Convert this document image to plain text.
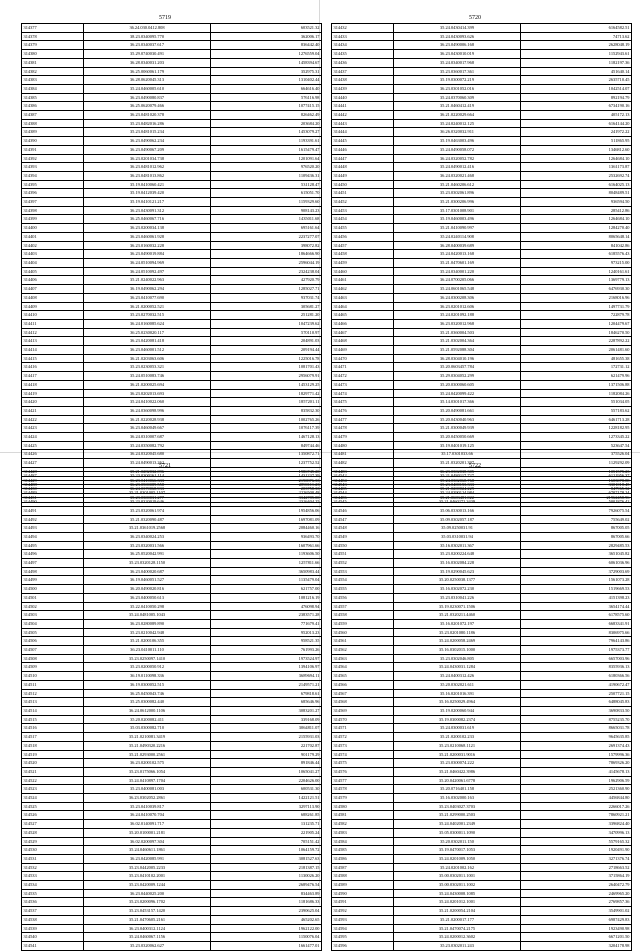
5719
314377	36.24.030.0412.808	603521.32
314378	38.23.0340095.770	362006.17
314379	36.23.0340037.617	836442.40
314380	35.29.0740030.491	1276559.04
314381	36.28.0340031.203	1458394.67
314382	36.25.0060061.179	352975.31
314383	36.28.0620045.313	1310402.44
314384	35.24.0460005.610	664616.40
314385	36.23.0490080.837	576116.98
314386	36.25.0620079.466	1077415.15
314387	36.23.0481020.378	826462.49
314388	35.23.0482016.286	203684.20
314389	35.23.0481015.234	1453079.27
314390	36.23.0490062.234	1193391.61
314391	36.23.0490067.209	1615479.47
314392	36.23.0201034.738	1201091.64
314393	36.23.0481012.962	976520.20
314394	36.23.0481013.862	1109436.31
314395	35.19.0410060.421	531128.47
314396	35.19.0412039.420	615051.70
314397	35.19.0410121.217	1159329.60
314398	36.23.0430091.312	908143.23
314399	36.25.0460067.716	1435011.68
314400	36.23.0200034.138	695161.64
314401	36.23.0460061.928	2237277.07
314402	36.23.0160032.228	398072.82
314403	36.23.0490019.884	1864666.90
314404	36.24.0510094.969	2596044.19
314405	36.24.0510092.497	2324238.04
314406	35.21.0240022.963	427920.79
314407	36.19.0490062.294	1285027.71
314408	36.23.0410077.690	937031.74
314409	36.21.0200052.521	305681.27
314410	35.23.0270032.515	251281.20
314411	36.24.0160085.624	1047239.62
314412	36.25.0230020.117	570110.97
314413	36.23.0420081.418	204891.03
314414	36.23.0460001.512	209194.44
314415	36.21.0203063.606	1225016.78
314416	35.23.0230053.321	1081701.43
314417	35.24.0510083.746	2956079.91
314418	36.21.0200025.694	1453129.25
314419	36.23.0202013.693	1829771.42
314420	35.24.0410022.060	1857201.11
314421	36.24.0360098.996	835832.30
314422	36.21.0220028.938	1002765.26
314423	36.23.0460049.667	1076117.39
314424	36.24.0310007.687	1467128.13
314425	35.24.0350082.792	849744.46
314426	36.24.0320045.680	1350872.71
314427	35.24.0490013.262	1237752.52
314428	35.21.0282032.096	1986745.20
314429	36.23.0410066.333	2190876.33
314430	36.24.0370068.933	203758.33
314431	35.23.0300031.277	3342785.00
5720
314432	35.24.0430414.399	6164582.51
314433	35.24.0430093.626	74713.62
314434	36.23.0490006.168	2628048.19
314435	36.23.0430010.019	1152943.61
314436	35.24.0340017.968	1182197.36
314437	35.23.0360017.361	451640.14
314438	35.19.0300072.219	2635710.45
314439	36.23.0301052.016	1042514.07
314440	35.24.0370060.309	892194.79
314441	35.21.0460412.419	6734190.16
314442	36.21.0220029.664	405172.13
314443	35.24.0240012.125	6164144.20
314444	36.26.0320032.911	241972.22
314445	35.19.0463003.496	511865.95
314446	35.24.0490058.072	1346812.60
314447	36.24.0320052.782	1264684.10
314448	35.24.0490012.416	1361173.87
314449	36.24.0320021.468	2532692.74
314450	35.21.0460206.612	6164025.13
314451	35.23.0302061.896	8048489.51
314452	35.21.0300206.996	936594.50
314453	35.17.0301008.901	285412.86
314454	35.19.0460003.496	1264684.10
314455	35.21.0410090.997	1284270.40
314456	35.24.0240114.908	8065648.14
314457	36.28.0400039.689	841042.86
314458	35.24.0420013.168	6185576.43
314459	35.21.0470601.169	973215.00
314460	35.24.0340001.220	1240161.61
314461	36.24.0700205.066	1369779.13
314462	35.24.0601065.548	6476930.30
314463	36.24.0300208.306	2168016.96
314464	36.23.0201012.606	1497731.79
314465	35.24.0201092.188	722879.78
314466	36.23.0320012.968	1204479.67
314467	35.21.0360004.503	1846270.50
314468	35.21.0302004.364	2287892.22
314469	35.21.0592088.304	2061481.60
314470	36.28.0304010.196	481655.38
314471	35.20.0603457.784	172731.12
314472	35.29.0304052.299	621479.96
314473	35.20.0300060.605	1371506.88
314474	35.24.0420099.422	1182084.26
314475	35.14.0301017.366	551034.05
314476	35.20.0490081.661	557183.62
314477	35.20.0430040.963	6461713.28
314478	35.21.0300049.939	1228182.95
314479	35.20.0450050.669	1273345.22
314480	35.19.0401019.125	523647.54
314481	35.17.0301033.66	375526.04
314482	35.21.0320201.397	1129292.09
314483	36.23.0302038.305	1051575.23
314484	35.24.0302068.768	1603078.88
314485	35.21.0200024.229	847965.32
314486	35.21.0603481.022	21962458.96
5721
314487	35.23.0300161.114	1431237.39
314488	36.23.0500089.558	2890111.23
314489	35.21.0301005.1107	2226500.48
314490	35.23.0320019.646	2316404.25
314491	35.23.0320061.974	1954856.06
314492	35.21.0320090.487	1697081.09
314493	35.21.0361019.2568	2084460.16
314494	36.23.0340024.253	936493.70
314495	35.23.0320031.566	1607961.66
314496	36.25.0520042.991	1193606.50
314497	35.23.0320128.1150	1257811.66
314498	36.23.0400020.687	3650983.44
314499	36.19.0460051.527	1135479.04
314500	36.20.0490020.816	621757.00
314501	36.23.0400050.613	1081216.19
314502	35.22.0410050.298	476098.94
314503	35.24.0481005.1043	2383571.28
314504	36.23.0280089.890	771679.41
314505	35.23.0210042.948	952013.23
314506	35.21.0200106.355	958521.35
314507	36.23.0410011.110	761993.26
314508	35.23.0250097.1410	1973524.97
314509	35.23.0200050.912	1394106.97
314510	36.19.0110098.336	3689694.11
314511	36.19.0300052.515	2149571.21
314512	36.25.0450043.746	679818.61
314513	35.25.0300082.440	685646.96
314514	36.24.0612000.1106	3083201.27
314515	35.20.0200082.411	339168.09
314516	35.03.0300082.710	3064811.07
314517	35.21.0210081.3419	2155931.03
314518	35.21.0490320.2216	221702.87
314519	35.21.0293000.2561	901179.29
314520	36.23.0200102.575	891846.44
314521	35.23.0175066.1054	1065041.27
314522	35.24.0410897.1704	2204626.00
314523	35.23.0400081.003	600531.30
314524	36.23.0302052.2861	1422121.51
314525	35.23.0410039.817	3297113.90
314526	36.24.0410070.704	688261.85
314527	36.02.0140091.717	131235.71
314528	35.20.0100001.2181	221905.24
314529	36.02.0200097.304	705151.42
314530	35.24.0460611.1861	1064159.72
314531	36.23.0420085.991	3081527.63
314532	35.23.0442005.2233	2181387.15
314533	35.23.0410102.2001	1130026.20
314534	35.23.0420009.1244	2689476.54
314535	36.23.0440025.200	834463.89
314536	35.23.0200096.1702	1181686.33
314537	35.23.0453157.1420	2390625.04
314538	35.21.0470605.2161	465202.65
314539	36.23.0400312.1124	1962122.00
314540	35.24.0460067.1156	1150076.04
314541	35.23.0320062.627	1661477.01
5722
314542	35.21.0480117.727	6121956.37
314543	35.23.0400153.333	3301018.45
314544	35.24.0390124.984	6707178.24
314545	35.21.0460272.3439	5001876.42
314546	35.06.0330013.166	7926075.54
314547	35.09.0302057.187	755649.02
314548	35.09.0250031.91	867005.05
314549	35.03.0310031.94	867005.66
314550	35.16.0302011.367	2829485.53
314551	35.23.0200224.648	3651045.82
314552	35.16.0302084.228	6061036.96
314553	35.19.0290045.623	3729003.69
314554	35.20.0250038.1377	1561073.28
314555	35.16.0302072.230	1519669.53
314556	35.23.0310041.226	4151398.23
314557	35.19.0230071.1506	3654174.44
314558	35.21.0320211.4460	6178575.60
314559	35.16.0201072.197	6683341.91
314560	35.23.0201080.1186	8306975.66
314561	35.24.0200058.2469	7964143.86
314562	35.16.0302015.1000	1975373.77
314563	35.23.0302046.805	6657003.96
314564	35.24.0430031.1284	8355936.13
314565	35.24.0400312.426	6180366.56
314566	35.20.0302021.611	4190672.47
314567	35.16.0201016.391	2507721.15
314568	35.16.0250029.4964	6488045.83
314569	35.19.0200060.944	3690833.50
314570	35.19.0300082.2374	8755235.70
314571	35.24.0300031.619	8665031.78
314572	35.21.0200102.233	9645635.85
314573	35.23.0210068.1121	2691374.43
314574	35.21.0200031.9016	1579996.36
314575	35.23.0300074.222	7869326.20
314576	35.21.0460422.3986	4145678.13
314577	35.20.0420061.6778	1962906.59
314578	35.20.0716401.158	2521360.90
314579	35.16.0302000.163	4456844.80
314580	35.23.0403027.3703	2266017.26
314581	35.21.0299000.2503	7860921.21
314582	35.24.0402001.2349	3396824.40
314583	35.05.0300011.1090	3470996.13
314584	35.20.0302011.150	5579165.32
314585	35.19.0470017.1053	1920491.90
314586	35.24.0201009.1050	3271376.74
314587	35.24.0201002.162	2718663.52
314588	35.00.0302011.1001	3715864.19
314589	35.00.0302011.1002	2640472.79
314590	35.24.0430008.1085	2469965.20
314591	35.24.0201012.1001	2769857.36
314592	35.21.0200054.2104	3549901.02
314593	35.21.0200017.177	6987429.83
314594	35.21.0470074.2175	1923490.98
314595	35.24.0200012.3602	6671201.50
314596	35.23.0302011.243	3204178.98
